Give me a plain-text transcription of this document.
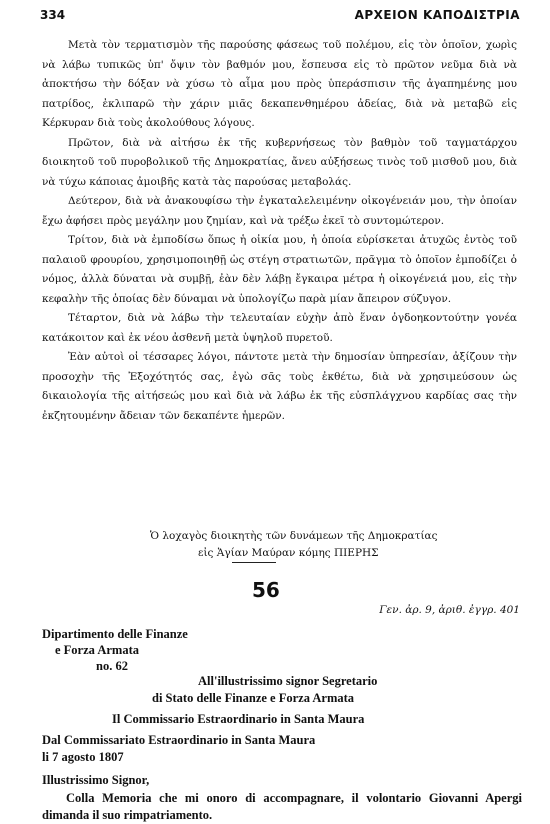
334	ΑΡΧΕΙΟΝ ΚΑΠΟΔΙΣΤΡΙΑ

Μετὰ τὸν τερματισμὸν τῆς παρούσης φάσεως τοῦ πολέμου, εἰς τὸν ὁποῖον, χωρὶς νὰ λάβω τυπικῶς ὑπ' ὄψιν τὸν βαθμόν μου, ἔσπευσα εἰς τὸ πρῶτον νεῦμα διὰ νὰ ἀποκτήσω τὴν δόξαν νὰ χύσω τὸ αἷμα μου πρὸς ὑπεράσπισιν τῆς ἀγαπημένης μου πατρίδος, ἐκλιπαρῶ τὴν χάριν μιᾶς δεκαπενθημέρου ἀδείας, διὰ νὰ μεταβῶ εἰς Κέρκυραν διὰ τοὺς ἀκολούθους λόγους.

Πρῶτον, διὰ νὰ αἰτήσω ἐκ τῆς κυβερνήσεως τὸν βαθμὸν τοῦ ταγματάρχου διοικητοῦ τοῦ πυροβολικοῦ τῆς Δημοκρατίας, ἄνευ αὐξήσεως τινὸς τοῦ μισθοῦ μου, διὰ νὰ τύχω κάποιας ἀμοιβῆς κατὰ τὰς παρούσας μεταβολάς.

Δεύτερον, διὰ νὰ ἀνακουφίσω τὴν ἐγκαταλελειμένην οἰκογένειάν μου, τὴν ὁποίαν ἔχω ἀφήσει πρὸς μεγάλην μου ζημίαν, καὶ νὰ τρέξω ἐκεῖ τὸ συντομώτερον.

Τρίτον, διὰ νὰ ἐμποδίσω ὅπως ἡ οἰκία μου, ἡ ὁποία εὑρίσκεται ἀτυχῶς ἐντὸς τοῦ παλαιοῦ φρουρίου, χρησιμοποιηθῇ ὡς στέγη στρατιωτῶν, πρᾶγμα τὸ ὁποῖον ἐμποδίζει ὁ νόμος, ἀλλὰ δύναται νὰ συμβῇ, ἐὰν δὲν λάβῃ ἔγκαιρα μέτρα ἡ οἰκογένειά μου, εἰς τὴν κεφαλὴν τῆς ὁποίας δὲν δύναμαι νὰ ὑπολογίζω παρὰ μίαν ἄπειρον σύζυγον.

Τέταρτον, διὰ νὰ λάβω τὴν τελευταίαν εὐχὴν ἀπὸ ἕναν ὀγδοηκοντούτην γονέα κατάκοιτον καὶ ἐκ νέου ἀσθενῆ μετὰ ὑψηλοῦ πυρετοῦ.

Ἐὰν αὐτοὶ οἱ τέσσαρες λόγοι, πάντοτε μετὰ τὴν δημοσίαν ὑπηρεσίαν, ἀξίζουν τὴν προσοχὴν τῆς Ἐξοχότητός σας, ἐγὼ σᾶς τοὺς ἐκθέτω, διὰ νὰ χρησιμεύσουν ὡς δικαιολογία τῆς αἰτήσεώς μου καὶ διὰ νὰ λάβω ἐκ τῆς εὐσπλάγχνου καρδίας σας τὴν ἐκζητουμένην ἄδειαν τῶν δεκαπέντε ἡμερῶν.

Ὁ λοχαγὸς διοικητὴς τῶν δυνάμεων τῆς Δημοκρατίας
εἰς Ἁγίαν Μαύραν κόμης ΠΙΕΡΗΣ
56
Γεν. ἀρ. 9, ἀριθ. ἐγγρ. 401
Dipartimento delle Finanze
e Forza Armata
no. 62
All'illustrissimo signor Segretario
di Stato delle Finanze e Forza Armata
Il Commissario Estraordinario in Santa Maura
Dal Commissariato Estraordinario in Santa Maura
li 7 agosto 1807
Illustrissimo Signor,
Colla Memoria che mi onoro di accompagnare, il volontario Giovanni Apergi dimanda il suo rimpatriamento.
